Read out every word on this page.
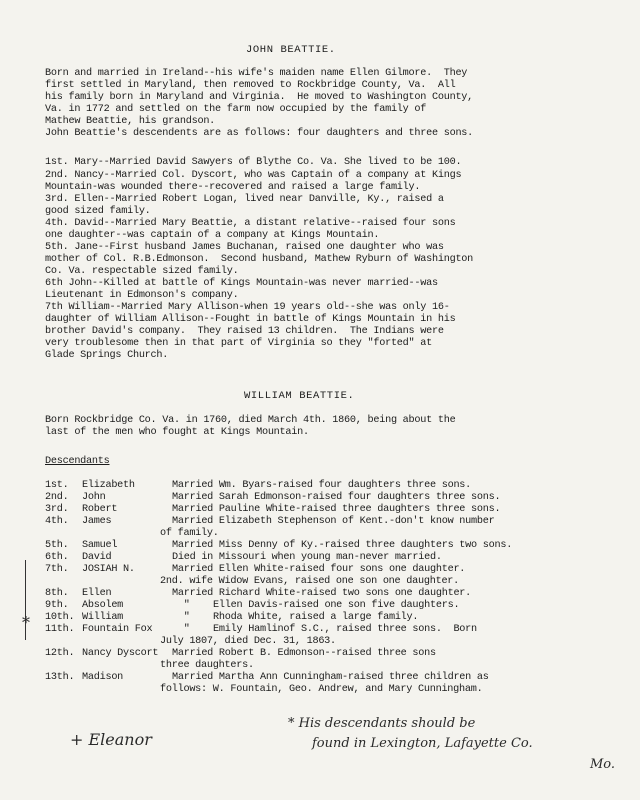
JOHN BEATTIE.
Born and married in Ireland--his wife's maiden name Ellen Gilmore.  They
first settled in Maryland, then removed to Rockbridge County, Va.  All
his family born in Maryland and Virginia.  He moved to Washington County,
Va. in 1772 and settled on the farm now occupied by the family of
Mathew Beattie, his grandson.
John Beattie's descendents are as follows: four daughters and three sons.
1st. Mary--Married David Sawyers of Blythe Co. Va. She lived to be 100.
2nd. Nancy--Married Col. Dyscort, who was Captain of a company at Kings
Mountain-was wounded there--recovered and raised a large family.
3rd. Ellen--Married Robert Logan, lived near Danville, Ky., raised a
good sized family.
4th. David--Married Mary Beattie, a distant relative--raised four sons
one daughter--was captain of a company at Kings Mountain.
5th. Jane--First husband James Buchanan, raised one daughter who was
mother of Col. R.B.Edmonson.  Second husband, Mathew Ryburn of Washington
Co. Va. respectable sized family.
6th John--Killed at battle of Kings Mountain-was never married--was
Lieutenant in Edmonson's company.
7th William--Married Mary Allison-when 19 years old--she was only 16-
daughter of William Allison--Fought in battle of Kings Mountain in his
brother David's company.  They raised 13 children.  The Indians were
very troublesome then in that part of Virginia so they "forted" at
Glade Springs Church.
WILLIAM BEATTIE.
Born Rockbridge Co. Va. in 1760, died March 4th. 1860, being about the
last of the men who fought at Kings Mountain.
Descendants
1st. Elizabeth	Married Wm. Byars-raised four daughters three sons.
2nd. John	Married Sarah Edmonson-raised four daughters three sons.
3rd. Robert	Married Pauline White-raised three daughters three sons.
4th. James	Married Elizabeth Stephenson of Kent.-don't know number
of family.
5th. Samuel	Married Miss Denny of Ky.-raised three daughters two sons.
6th. David	Died in Missouri when young man-never married.
7th. JOSIAH N.	Married Ellen White-raised four sons one daughter.
2nd. wife Widow Evans, raised one son one daughter.
8th. Ellen	Married Richard White-raised two sons one daughter.
9th. Absolem	"    Ellen Davis-raised one son five daughters.
10th. William	"    Rhoda White, raised a large family.
11th. Fountain Fox "    Emily Hamlinof S.C., raised three sons.  Born
July 1807, died Dec. 31, 1863.
12th. Nancy Dyscort Married Robert B. Edmonson--raised three sons
three daughters.
13th. Madison	Married Martha Ann Cunningham-raised three children as
follows: W. Fountain, Geo. Andrew, and Mary Cunningham.
*
+ Eleanor
* His descendants should be
found in Lexington, Lafayette Co.
Mo.
